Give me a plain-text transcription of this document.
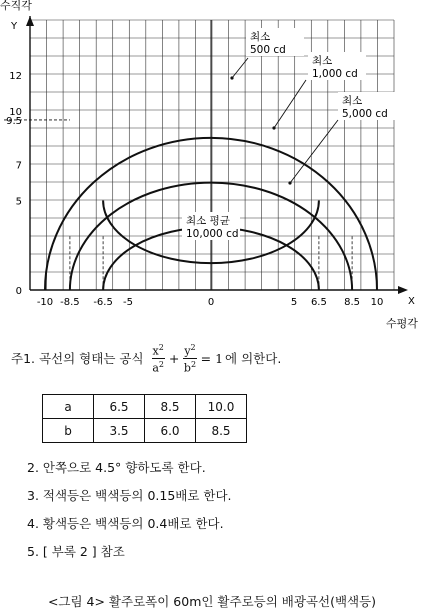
-10 -8.5 -6.5 -5	0	5 6.5 8.5 10
0
5
7
9.5
10
12
최소 500 cd
최소 1,000 cd
최소 5,000 cd
최소 평균 10,000 cd
수직각
Y
X
수평각
주1. 곡선의 형태는 공식 $\frac{x^2}{a^2} + \frac{y^2}{b^2} = 1$ 에 의한다.
a	6.5	8.5	10.0
b	3.5	6.0	8.5
2. 안쪽으로 4.5° 향하도록 한다.
3. 적색등은 백색등의 0.15배로 한다.
4. 황색등은 백색등의 0.4배로 한다.
5. [ 부록 2 ] 참조
<그림 4> 활주로폭이 60m인 활주로등의 배광곡선(백색등)
